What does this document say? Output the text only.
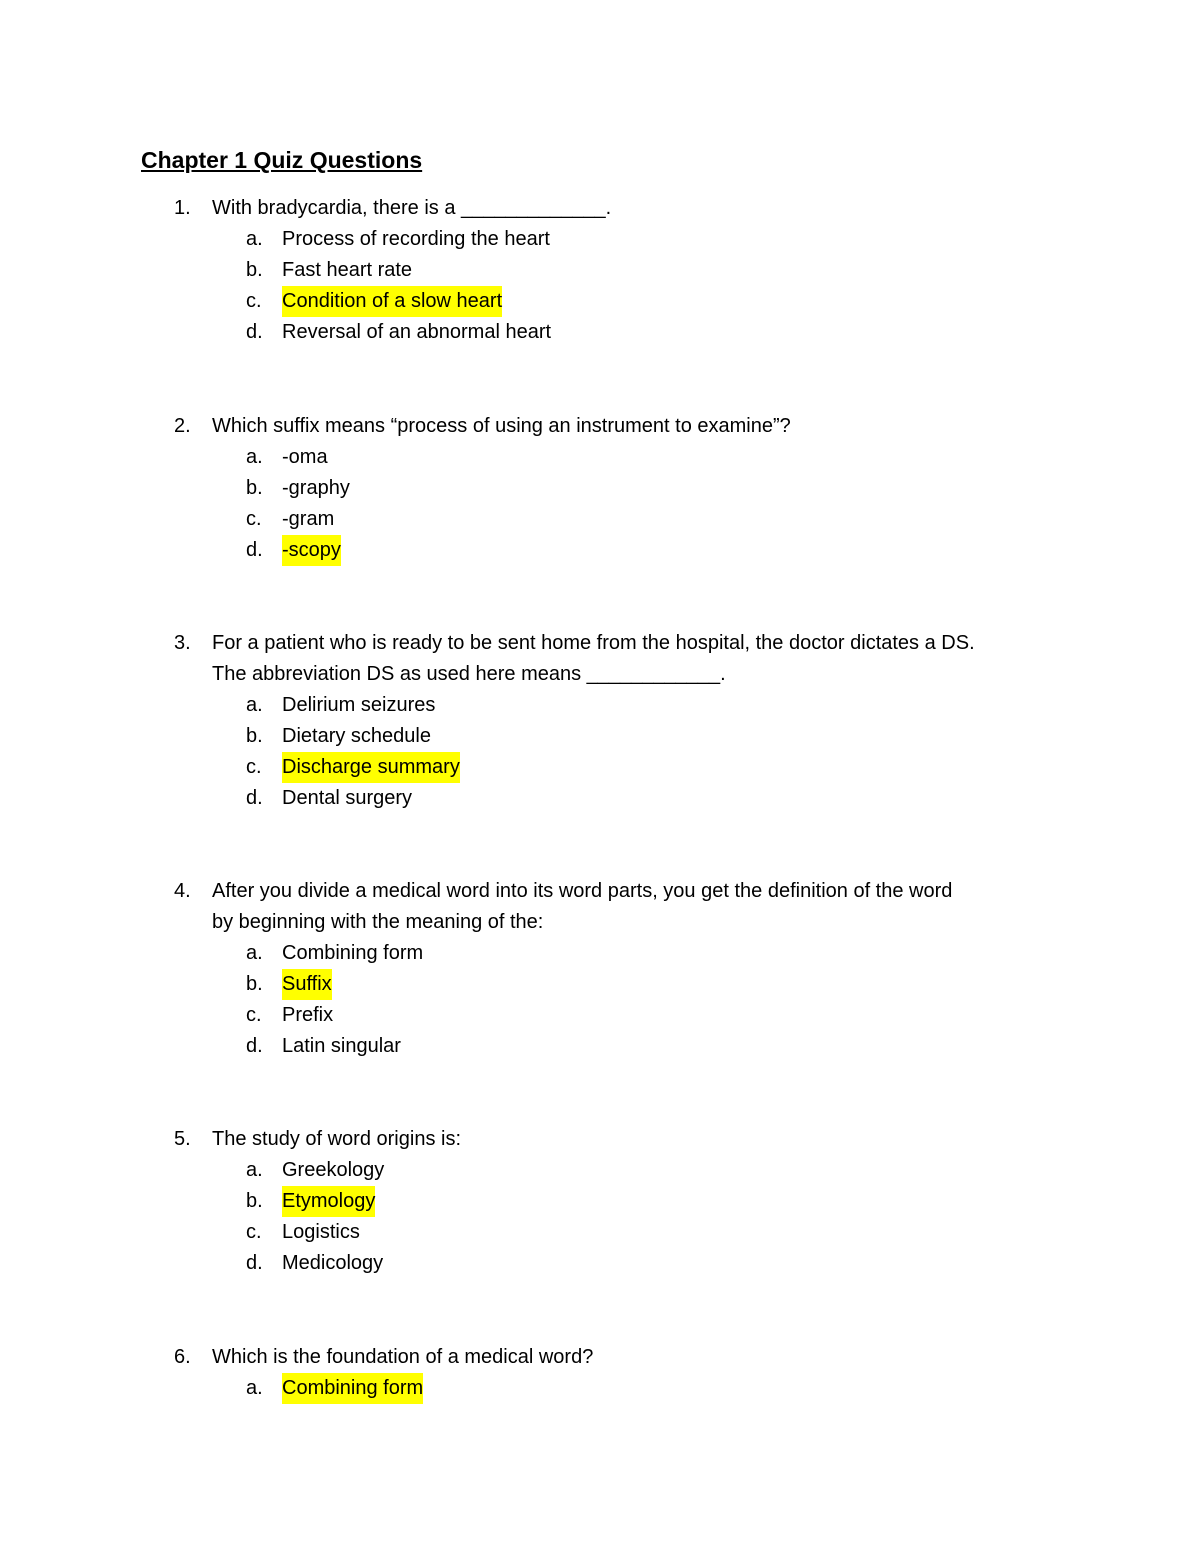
Chapter 1 Quiz Questions
1. With bradycardia, there is a _____________.
a. Process of recording the heart
b. Fast heart rate
c. Condition of a slow heart
d. Reversal of an abnormal heart
2. Which suffix means “process of using an instrument to examine”?
a. -oma
b. -graphy
c. -gram
d. -scopy
3. For a patient who is ready to be sent home from the hospital, the doctor dictates a DS.
The abbreviation DS as used here means ____________.
a. Delirium seizures
b. Dietary schedule
c. Discharge summary
d. Dental surgery
4. After you divide a medical word into its word parts, you get the definition of the word
by beginning with the meaning of the:
a. Combining form
b. Suffix
c. Prefix
d. Latin singular
5. The study of word origins is:
a. Greekology
b. Etymology
c. Logistics
d. Medicology
6. Which is the foundation of a medical word?
a. Combining form
